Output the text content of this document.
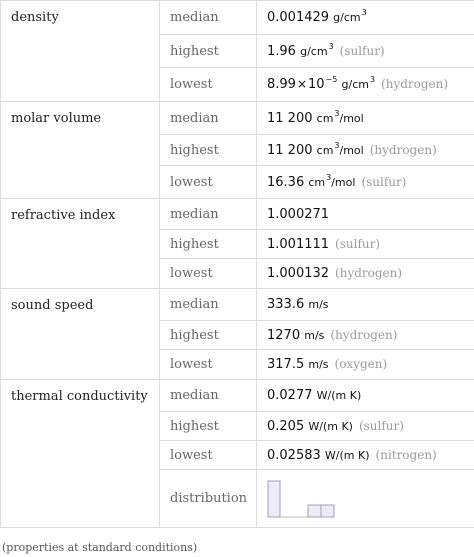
density	median	0.001429 $g/cm^3$
	highest	1.96 $g/cm^3$ (sulfur)
	lowest	$8.99\times 10^{-5}$ $g/cm^3$ (hydrogen)
molar volume	median	11 200 $cm^3$/mol
	highest	11 200 $cm^3$/mol (hydrogen)
	lowest	16.36 $cm^3$/mol (sulfur)
refractive index	median	1.000271
	highest	1.001111 (sulfur)
	lowest	1.000132 (hydrogen)
sound speed	median	333.6 m/s
	highest	1270 m/s (hydrogen)
	lowest	317.5 m/s (oxygen)
thermal conductivity	median	0.0277 W/(m K)
	highest	0.205 W/(m K) (sulfur)
	lowest	0.02583 W/(m K) (nitrogen)
	distribution	
(properties at standard conditions)
